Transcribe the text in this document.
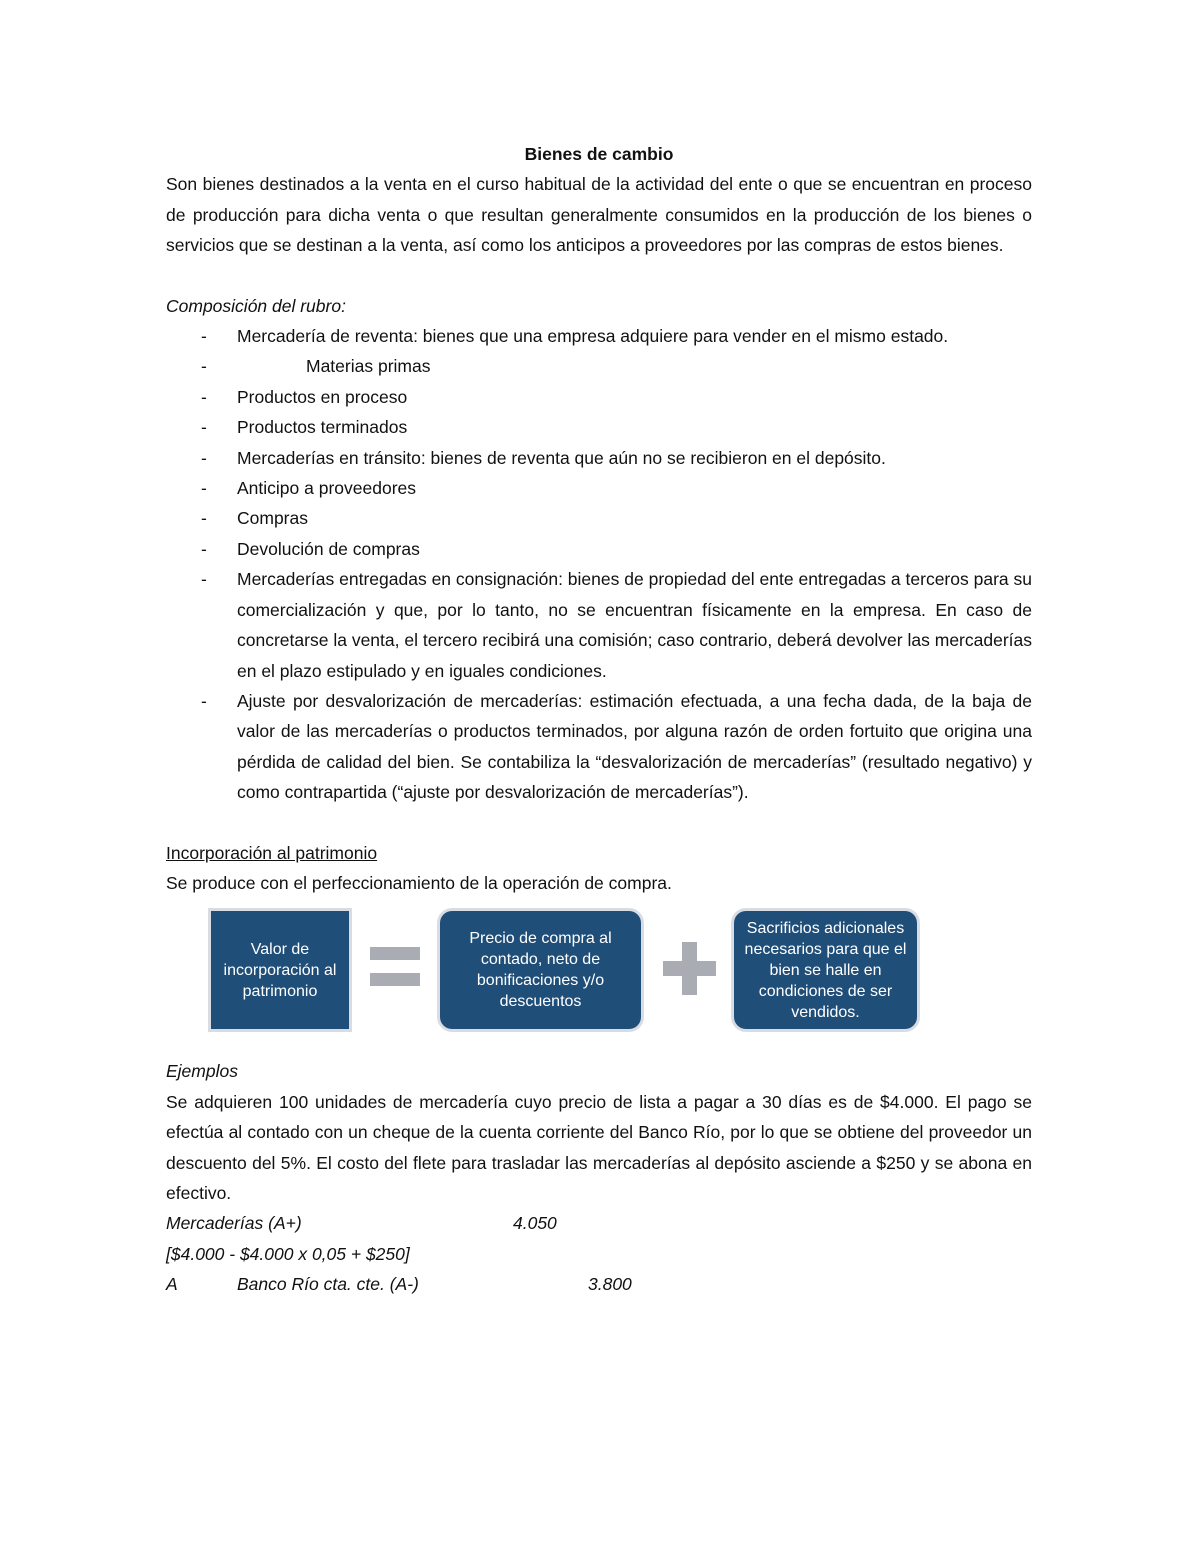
Bienes de cambio
Son bienes destinados a la venta en el curso habitual de la actividad del ente o que se encuentran en proceso de producción para dicha venta o que resultan generalmente consumidos en la producción de los bienes o servicios que se destinan a la venta, así como los anticipos a proveedores por las compras de estos bienes.
Composición del rubro:
- Mercadería de reventa: bienes que una empresa adquiere para vender en el mismo estado.
-	Materias primas
- Productos en proceso
- Productos terminados
- Mercaderías en tránsito: bienes de reventa que aún no se recibieron en el depósito.
- Anticipo a proveedores
- Compras
- Devolución de compras
- Mercaderías entregadas en consignación: bienes de propiedad del ente entregadas a terceros para su comercialización y que, por lo tanto, no se encuentran físicamente en la empresa. En caso de concretarse la venta, el tercero recibirá una comisión; caso contrario, deberá devolver las mercaderías en el plazo estipulado y en iguales condiciones.
- Ajuste por desvalorización de mercaderías: estimación efectuada, a una fecha dada, de la baja de valor de las mercaderías o productos terminados, por alguna razón de orden fortuito que origina una pérdida de calidad del bien. Se contabiliza la “desvalorización de mercaderías” (resultado negativo) y como contrapartida (“ajuste por desvalorización de mercaderías”).
Incorporación al patrimonio
Se produce con el perfeccionamiento de la operación de compra.
Valor de incorporación al patrimonio
Precio de compra al contado, neto de bonificaciones y/o descuentos
Sacrificios adicionales necesarios para que el bien se halle en condiciones de ser vendidos.
Ejemplos
Se adquieren 100 unidades de mercadería cuyo precio de lista a pagar a 30 días es de $4.000. El pago se efectúa al contado con un cheque de la cuenta corriente del Banco Río, por lo que se obtiene del proveedor un descuento del 5%. El costo del flete para trasladar las mercaderías al depósito asciende a $250 y se abona en efectivo.
Mercaderías (A+)	4.050
[$4.000 - $4.000 x 0,05 + $250]
A	Banco Río cta. cte. (A-)	3.800
